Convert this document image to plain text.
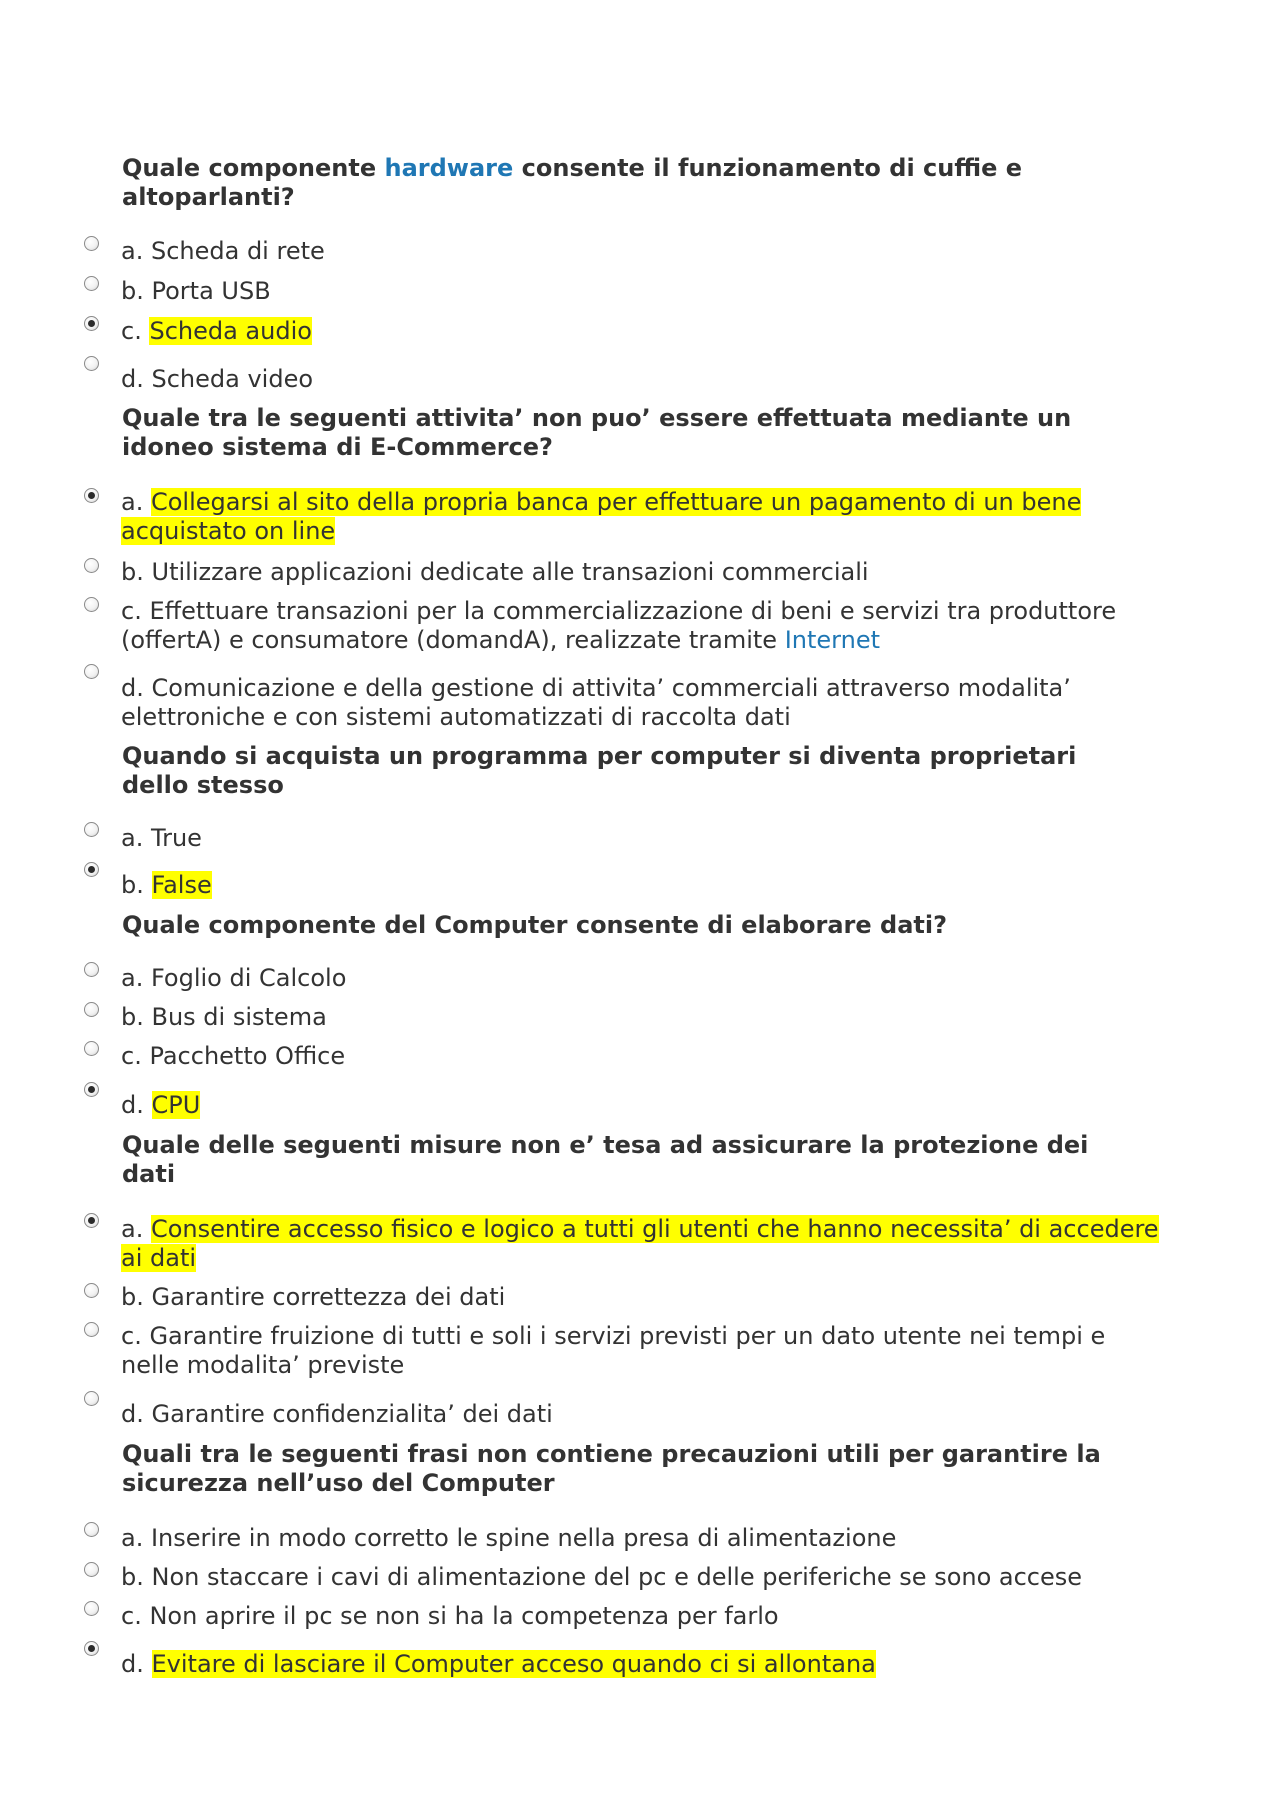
Quale componente hardware consente il funzionamento di cuffie e altoparlanti?
a. Scheda di rete
b. Porta USB
c. Scheda audio
d. Scheda video
Quale tra le seguenti attivita’ non puo’ essere effettuata mediante un idoneo sistema di E-Commerce?
a. Collegarsi al sito della propria banca per effettuare un pagamento di un bene acquistato on line
b. Utilizzare applicazioni dedicate alle transazioni commerciali
c. Effettuare transazioni per la commercializzazione di beni e servizi tra produttore (offertA) e consumatore (domandA), realizzate tramite Internet
d. Comunicazione e della gestione di attivita’ commerciali attraverso modalita’ elettroniche e con sistemi automatizzati di raccolta dati
Quando si acquista un programma per computer si diventa proprietari dello stesso
a. True
b. False
Quale componente del Computer consente di elaborare dati?
a. Foglio di Calcolo
b. Bus di sistema
c. Pacchetto Office
d. CPU
Quale delle seguenti misure non e’ tesa ad assicurare la protezione dei dati
a. Consentire accesso fisico e logico a tutti gli utenti che hanno necessita’ di accedere ai dati
b. Garantire correttezza dei dati
c. Garantire fruizione di tutti e soli i servizi previsti per un dato utente nei tempi e nelle modalita’ previste
d. Garantire confidenzialita’ dei dati
Quali tra le seguenti frasi non contiene precauzioni utili per garantire la sicurezza nell’uso del Computer
a. Inserire in modo corretto le spine nella presa di alimentazione
b. Non staccare i cavi di alimentazione del pc e delle periferiche se sono accese
c. Non aprire il pc se non si ha la competenza per farlo
d. Evitare di lasciare il Computer acceso quando ci si allontana
